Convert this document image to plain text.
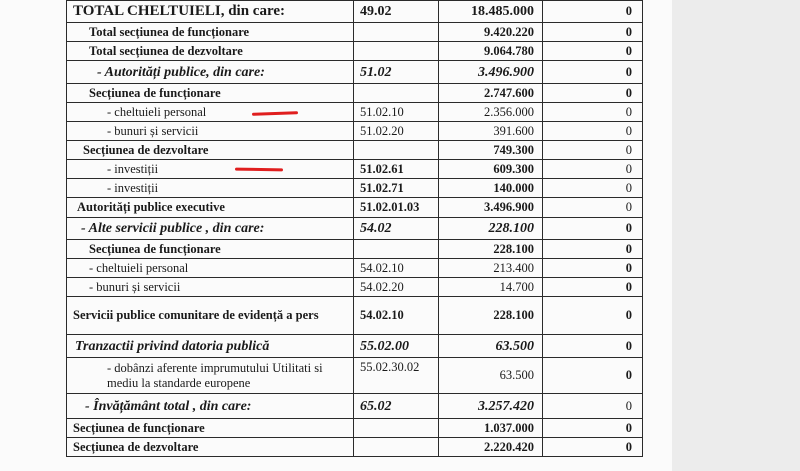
TOTAL CHELTUIELI, din care:	49.02	18.485.000	0
Total secțiunea de funcționare		9.420.220	0
Total secțiunea de dezvoltare		9.064.780	0
- Autorități publice, din care:	51.02	3.496.900	0
Secțiunea de funcționare		2.747.600	0
- cheltuieli personal	51.02.10	2.356.000	0
- bunuri și servicii	51.02.20	391.600	0
Secțiunea de dezvoltare		749.300	0
- investiții	51.02.61	609.300	0
- investiții	51.02.71	140.000	0
Autorități publice executive	51.02.01.03	3.496.900	0
- Alte servicii publice , din care:	54.02	228.100	0
Secțiunea de funcționare		228.100	0
- cheltuieli personal	54.02.10	213.400	0
- bunuri și servicii	54.02.20	14.700	0
Servicii publice comunitare de evidență a pers	54.02.10	228.100	0
Tranzactii privind datoria publică	55.02.00	63.500	0
- dobânzi aferente imprumutului Utilitati si mediu la standarde europene	55.02.30.02	63.500	0
- Învățământ total , din care:	65.02	3.257.420	0
Secțiunea de funcționare		1.037.000	0
Secțiunea de dezvoltare		2.220.420	0
